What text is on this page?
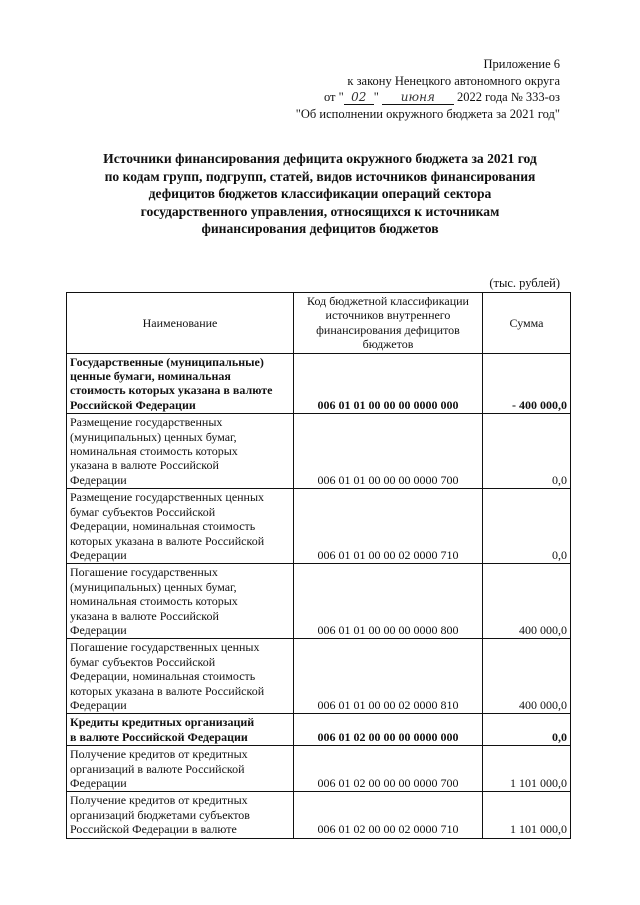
Приложение 6
к закону Ненецкого автономного округа
от " 02 " июня 2022 года № 333-оз
"Об исполнении окружного бюджета за 2021 год"
Источники финансирования дефицита окружного бюджета за 2021 год
по кодам групп, подгрупп, статей, видов источников финансирования
дефицитов бюджетов классификации операций сектора
государственного управления, относящихся к источникам
финансирования дефицитов бюджетов
(тыс. рублей)
Наименование	Код бюджетной классификации источников внутреннего финансирования дефицитов бюджетов	Сумма

Государственные (муниципальные)
ценные бумаги, номинальная
стоимость которых указана в валюте
Российской Федерации	006 01 01 00 00 00 0000 000	- 400 000,0

Размещение государственных
(муниципальных) ценных бумаг,
номинальная стоимость которых
указана в валюте Российской
Федерации	006 01 01 00 00 00 0000 700	0,0

Размещение государственных ценных
бумаг субъектов Российской
Федерации, номинальная стоимость
которых указана в валюте Российской
Федерации	006 01 01 00 00 02 0000 710	0,0

Погашение государственных
(муниципальных) ценных бумаг,
номинальная стоимость которых
указана в валюте Российской
Федерации	006 01 01 00 00 00 0000 800	400 000,0

Погашение государственных ценных
бумаг субъектов Российской
Федерации, номинальная стоимость
которых указана в валюте Российской
Федерации	006 01 01 00 00 02 0000 810	400 000,0

Кредиты кредитных организаций
в валюте Российской Федерации	006 01 02 00 00 00 0000 000	0,0

Получение кредитов от кредитных
организаций в валюте Российской
Федерации	006 01 02 00 00 00 0000 700	1 101 000,0

Получение кредитов от кредитных
организаций бюджетами субъектов
Российской Федерации в валюте	006 01 02 00 00 02 0000 710	1 101 000,0
